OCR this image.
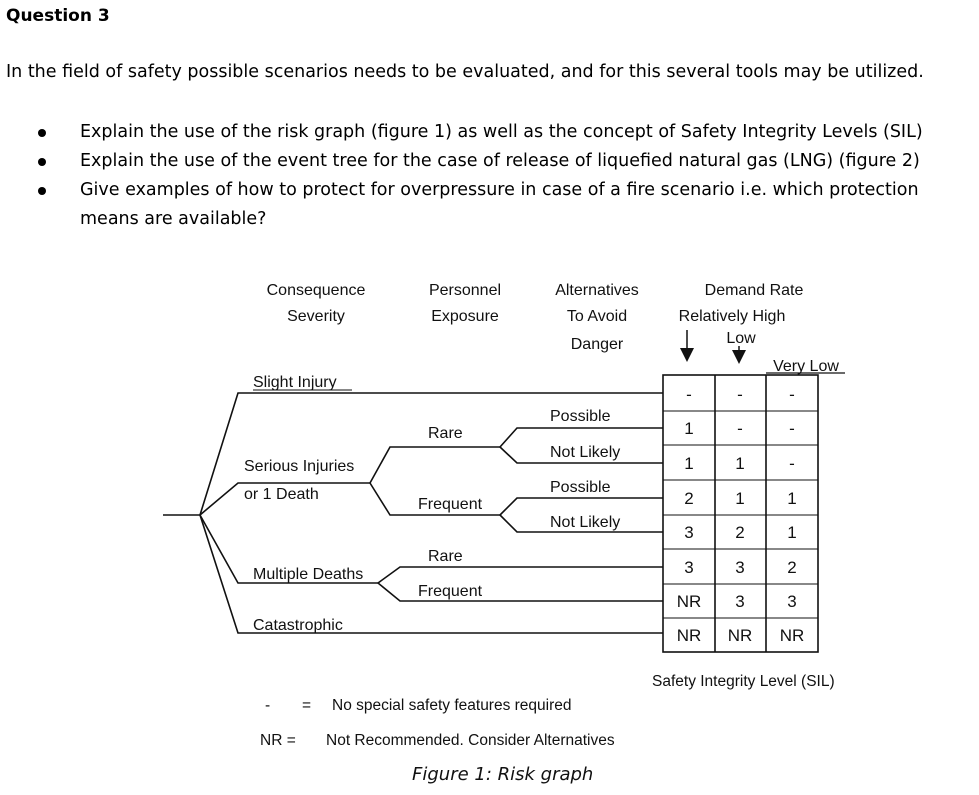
Question 3
In the field of safety possible scenarios needs to be evaluated, and for this several tools may be utilized.
Explain the use of the risk graph (figure 1) as well as the concept of Safety Integrity Levels (SIL)
Explain the use of the event tree for the case of release of liquefied natural gas (LNG) (figure 2)
Give examples of how to protect for overpressure in case of a fire scenario i.e. which protection means are available?
Consequence
Severity
Personnel
Exposure
Alternatives
To Avoid
Danger
Demand Rate
Relatively High
Low
Very Low
Slight Injury
Serious Injuries
or 1 Death
Multiple Deaths
Catastrophic
Rare
Frequent
Rare
Frequent
Possible
Not Likely
Possible
Not Likely
-	-	-
1	-	-
1 1	-
2 1	1
3 2	1
3 3	2
NR 3	3
NR NR NR
Safety Integrity Level (SIL)
- = No special safety features required
NR = Not Recommended. Consider Alternatives
Figure 1: Risk graph
